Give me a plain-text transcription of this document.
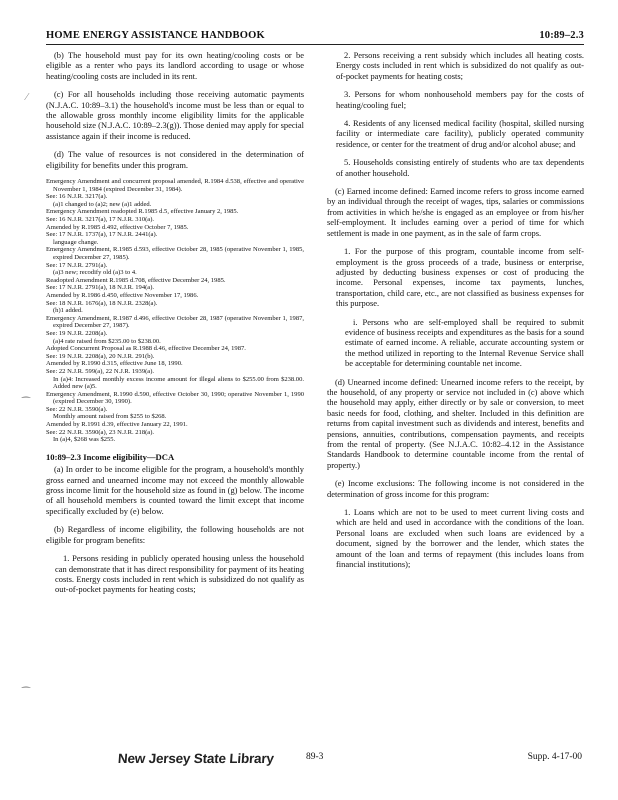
HOME ENERGY ASSISTANCE HANDBOOK	10:89–2.3

(b) The household must pay for its own heating/cooling costs or be eligible as a renter who pays its landlord according to usage or whose heating/cooling costs are included in its rent.

(c) For all households including those receiving automatic payments (N.J.A.C. 10:89–3.1) the household's income must be less than or equal to the allowable gross monthly income eligibility limits for the applicable household size (N.J.A.C. 10:89–2.3(g)). Those denied may apply for special assistance again if their income is reduced.

(d) The value of resources is not considered in the determination of eligibility for benefits under this program.

Emergency Amendment and concurrent proposal amended, R.1984 d.538, effective and operative November 1, 1984 (expired December 31, 1984).
See: 16 N.J.R. 3217(a).
(a)1 changed to (a)2; new (a)1 added.
Emergency Amendment readopted R.1985 d.5, effective January 2, 1985.
See: 16 N.J.R. 3217(a), 17 N.J.R. 310(a).
Amended by R.1985 d.492, effective October 7, 1985.
See: 17 N.J.R. 1737(a), 17 N.J.R. 2441(a).
language change.
Emergency Amendment, R.1985 d.593, effective October 28, 1985 (operative November 1, 1985, expired December 27, 1985).
See: 17 N.J.R. 2791(a).
(a)3 new; recodify old (a)3 to 4.
Readopted Amendment R.1985 d.708, effective December 24, 1985.
See: 17 N.J.R. 2791(a), 18 N.J.R. 194(a).
Amended by R.1986 d.450, effective November 17, 1986.
See: 18 N.J.R. 1676(a), 18 N.J.R. 2328(a).
(h)1 added.
Emergency Amendment, R.1987 d.496, effective October 28, 1987 (operative November 1, 1987, expired December 27, 1987).
See: 19 N.J.R. 2208(a).
(a)4 rate raised from $235.00 to $238.00.
Adopted Concurrent Proposal as R.1988 d.46, effective December 24, 1987.
See: 19 N.J.R. 2208(a), 20 N.J.R. 291(b).
Amended by R.1990 d.315, effective June 18, 1990.
See: 22 N.J.R. 599(a), 22 N.J.R. 1939(a).
In (a)4: Increased monthly excess income amount for illegal aliens to $255.00 from $238.00. Added new (a)5.
Emergency Amendment, R.1990 d.590, effective October 30, 1990; operative November 1, 1990 (expired December 30, 1990).
See: 22 N.J.R. 3590(a).
Monthly amount raised from $255 to $268.
Amended by R.1991 d.39, effective January 22, 1991.
See: 22 N.J.R. 3590(a), 23 N.J.R. 218(a).
In (a)4, $268 was $255.
10:89–2.3 Income eligibility—DCA

(a) In order to be income eligible for the program, a household's monthly gross earned and unearned income may not exceed the monthly allowable gross income limit for the household size as found in (g) below. The income of all household members is counted toward the limit except that income specifically excluded by (e) below.

(b) Regardless of income eligibility, the following households are not eligible for program benefits:

1. Persons residing in publicly operated housing unless the household can demonstrate that it has direct responsibility for payment of its heating costs. Energy costs included in rent which is subsidized do not qualify as out-of-pocket payments for heating costs;

2. Persons receiving a rent subsidy which includes all heating costs. Energy costs included in rent which is subsidized do not qualify as out-of-pocket payments for heating costs;

3. Persons for whom nonhousehold members pay for the costs of heating/cooling fuel;

4. Residents of any licensed medical facility (hospital, skilled nursing facility or intermediate care facility), publicly operated community residence, or center for the treatment of drug and/or alcohol abuse; and

5. Households consisting entirely of students who are tax dependents of another household.

(c) Earned income defined: Earned income refers to gross income earned by an individual through the receipt of wages, tips, salaries or commissions from activities in which he/she is engaged as an employee or from his/her self-employment. It includes earning over a period of time for which settlement is made in one payment, as in the sale of farm crops.

1. For the purpose of this program, countable income from self-employment is the gross proceeds of a trade, business or enterprise, adjusted by deducting business expenses or cost of producing the income. Personal expenses, income tax payments, lunches, transportation, child care, etc., are not classified as business expenses for this purpose.

i. Persons who are self-employed shall be required to submit evidence of business receipts and expenditures as the basis for a sound estimate of earned income. A reliable, accurate accounting system or the method utilized in reporting to the Internal Revenue Service shall be acceptable for determining countable net income.

(d) Unearned income defined: Unearned income refers to the receipt, by the household, of any property or service not included in (c) above which the household may apply, either directly or by sale or conversion, to meet basic needs for food, clothing, and shelter. Included in this definition are returns from capital investment such as dividends and interest, benefits and pensions, annuities, contributions, compensation payments, and receipts from the rental of property. (See N.J.A.C. 10:82–4.12 in the Assistance Standards Handbook to determine countable income from the rental of property.)

(e) Income exclusions: The following income is not considered in the determination of gross income for this program:

1. Loans which are not to be used to meet current living costs and which are held and used in accordance with the conditions of the loan. Personal loans are excluded when such loans are evidenced by a document, signed by the borrower and the lender, which states the amount of the loan and terms of repayment (this includes loans from financial institutions);

⁄
⁀
⁀
New Jersey State Library	89-3	Supp. 4-17-00
